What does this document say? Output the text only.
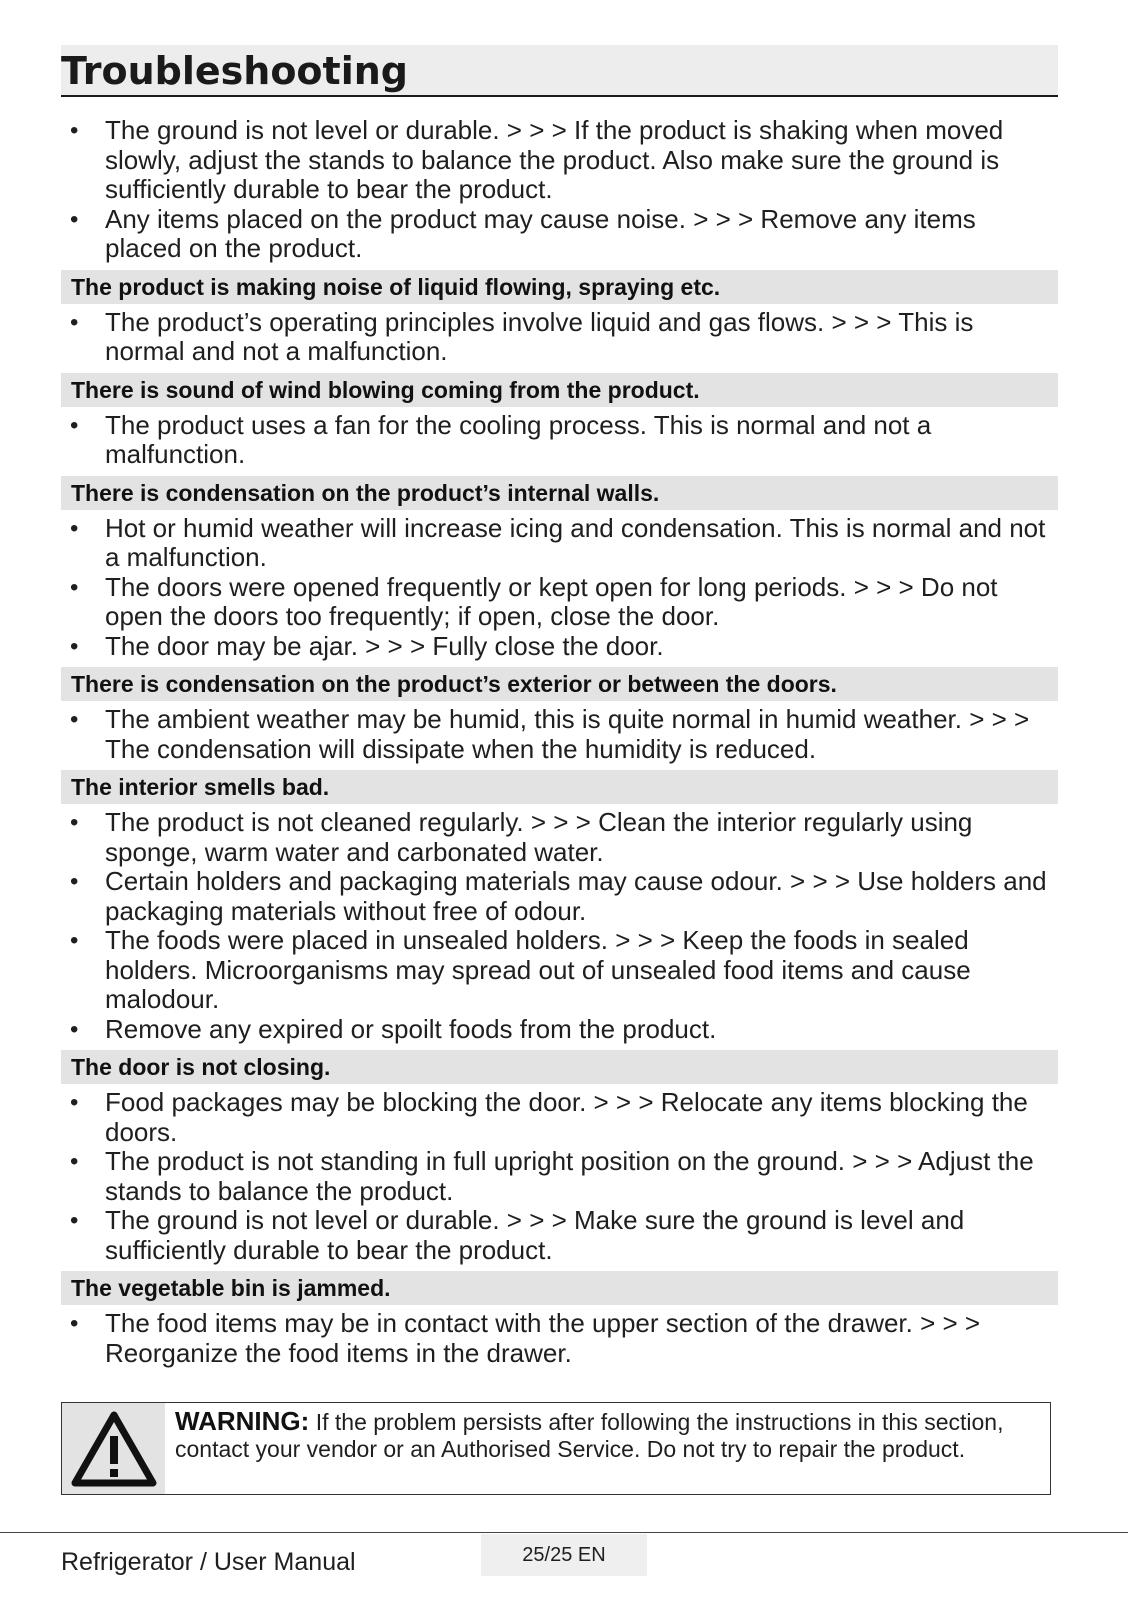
Troubleshooting
• The ground is not level or durable. > > > If the product is shaking when moved slowly, adjust the stands to balance the product. Also make sure the ground is sufficiently durable to bear the product.
• Any items placed on the product may cause noise. > > > Remove any items placed on the product.
The product is making noise of liquid flowing, spraying etc.
• The product’s operating principles involve liquid and gas flows. > > > This is normal and not a malfunction.
There is sound of wind blowing coming from the product.
• The product uses a fan for the cooling process. This is normal and not a malfunction.
There is condensation on the product’s internal walls.
• Hot or humid weather will increase icing and condensation. This is normal and not a malfunction.
• The doors were opened frequently or kept open for long periods. > > > Do not open the doors too frequently; if open, close the door.
• The door may be ajar. > > > Fully close the door.
There is condensation on the product’s exterior or between the doors.
• The ambient weather may be humid, this is quite normal in humid weather. > > > The condensation will dissipate when the humidity is reduced.
The interior smells bad.
• The product is not cleaned regularly. > > > Clean the interior regularly using sponge, warm water and carbonated water.
• Certain holders and packaging materials may cause odour. > > > Use holders and packaging materials without free of odour.
• The foods were placed in unsealed holders. > > > Keep the foods in sealed holders. Microorganisms may spread out of unsealed food items and cause malodour.
• Remove any expired or spoilt foods from the product.
The door is not closing.
• Food packages may be blocking the door. > > > Relocate any items blocking the doors.
• The product is not standing in full upright position on the ground. > > > Adjust the stands to balance the product.
• The ground is not level or durable. > > > Make sure the ground is level and sufficiently durable to bear the product.
The vegetable bin is jammed.
• The food items may be in contact with the upper section of the drawer. > > > Reorganize the food items in the drawer.
WARNING: If the problem persists after following the instructions in this section, contact your vendor or an Authorised Service. Do not try to repair the product.
Refrigerator / User Manual	25/25 EN
